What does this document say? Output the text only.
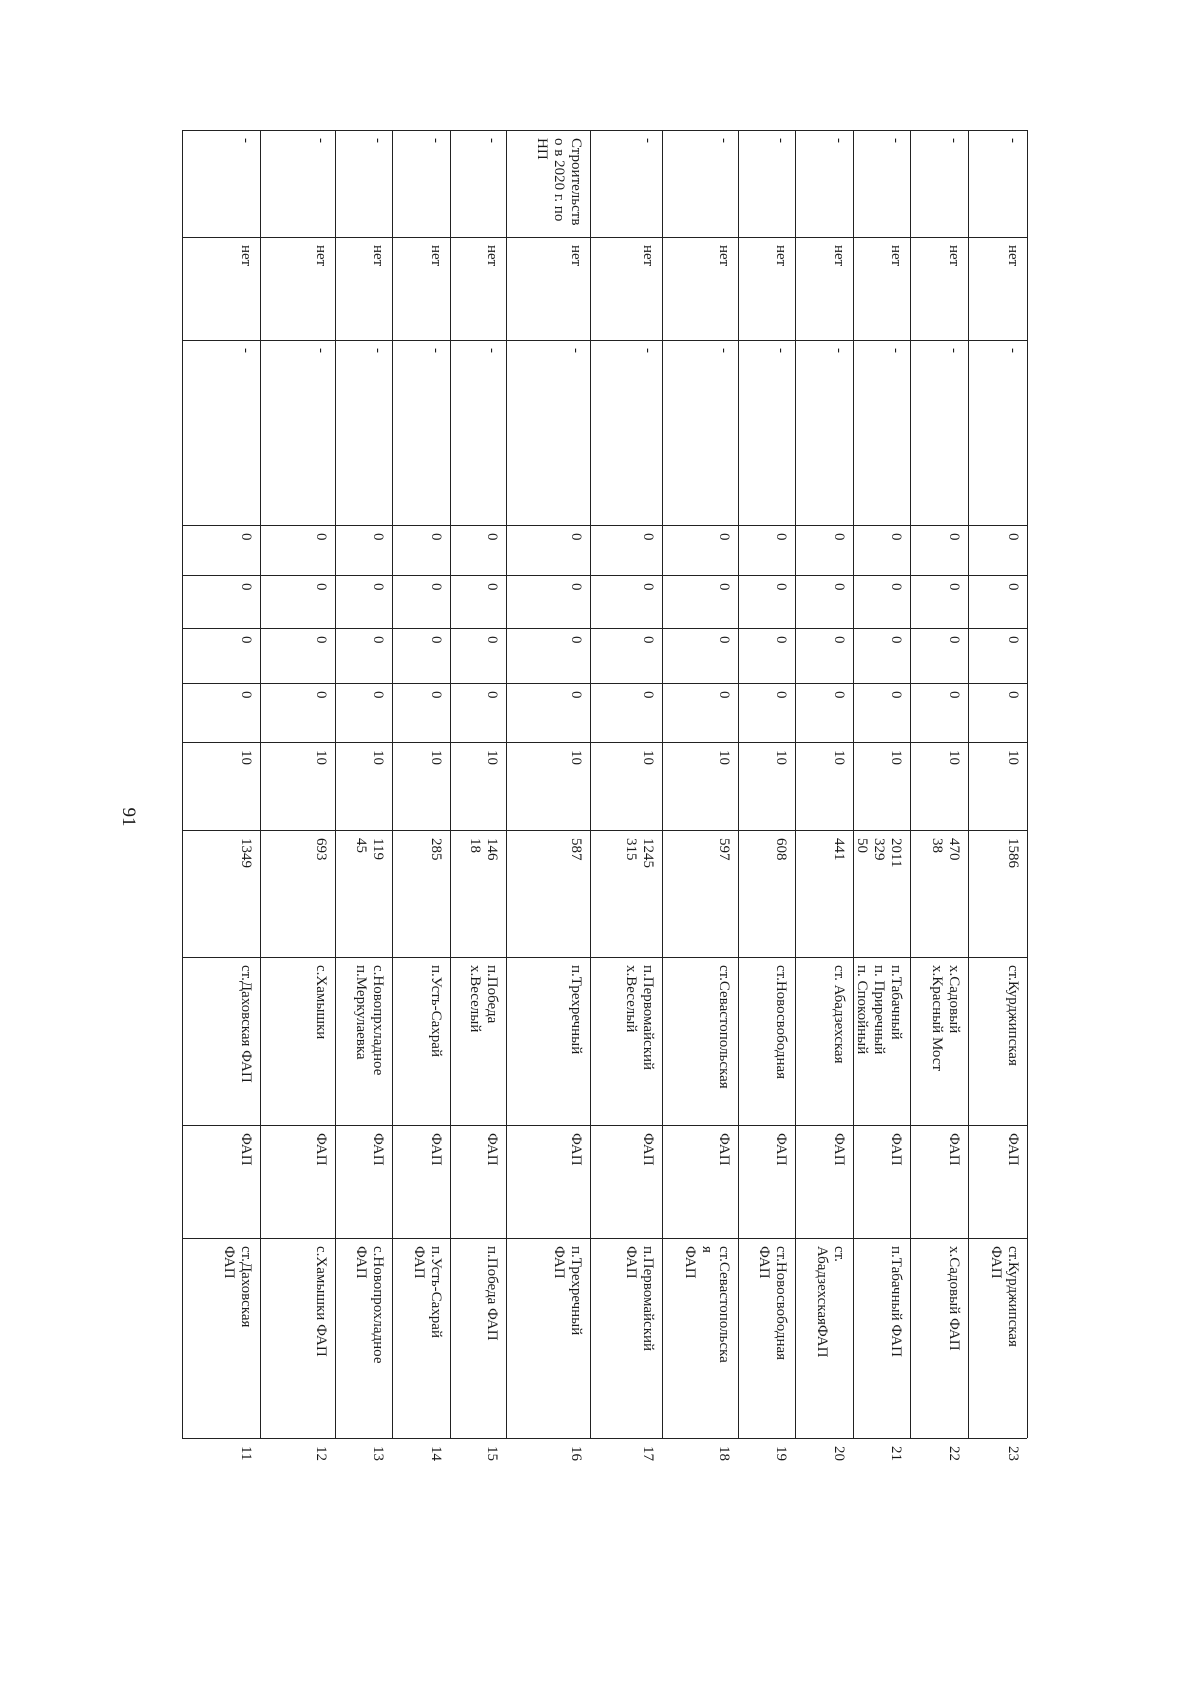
91
-
нет
-
0
0
0
0
10
1349
ст.Даховская ФАП
ФАП
ст.Даховская
ФАП
11
-
нет
-
0
0
0
0
10
693
с.Хамышки
ФАП
с.Хамышки ФАП
12
-
нет
-
0
0
0
0
10
119
45
с.Новопрхладное
п.Меркулаевка
ФАП
с.Новопрохладное
ФАП
13
-
нет
-
0
0
0
0
10
285
п.Усть-Сахрай
ФАП
п.Усть-Сахрай
ФАП
14
-
нет
-
0
0
0
0
10
146
18
п.Победа
х.Веселый
ФАП
п.Победа ФАП
15
Строительств
о в 2020 г. по
НП
нет
-
0
0
0
0
10
587
п.Трехречный
ФАП
п.Трехречный
ФАП
16
-
нет
-
0
0
0
0
10
1245
315
п.Первомайский
х.Веселый
ФАП
п.Первомайский
ФАП
17
-
нет
-
0
0
0
0
10
597
ст.Севастопольская
ФАП
ст.Севастопольска
я
ФАП
18
-
нет
-
0
0
0
0
10
608
ст.Новосвободная
ФАП
ст.Новосвободная
ФАП
19
-
нет
-
0
0
0
0
10
441
ст. Абадзехская
ФАП
ст.
АбадзехскаяФАП
20
-
нет
-
0
0
0
0
10
2011
329
50
п.Табачный
п. Приречный
п. Спокойный
ФАП
п.Табачный ФАП
21
-
нет
-
0
0
0
0
10
470
38
х.Садовый
х.Красный Мост
ФАП
х.Садовый ФАП
22
-
нет
-
0
0
0
0
10
1586
ст.Курджипская
ФАП
ст.Курджипская
ФАП
23
